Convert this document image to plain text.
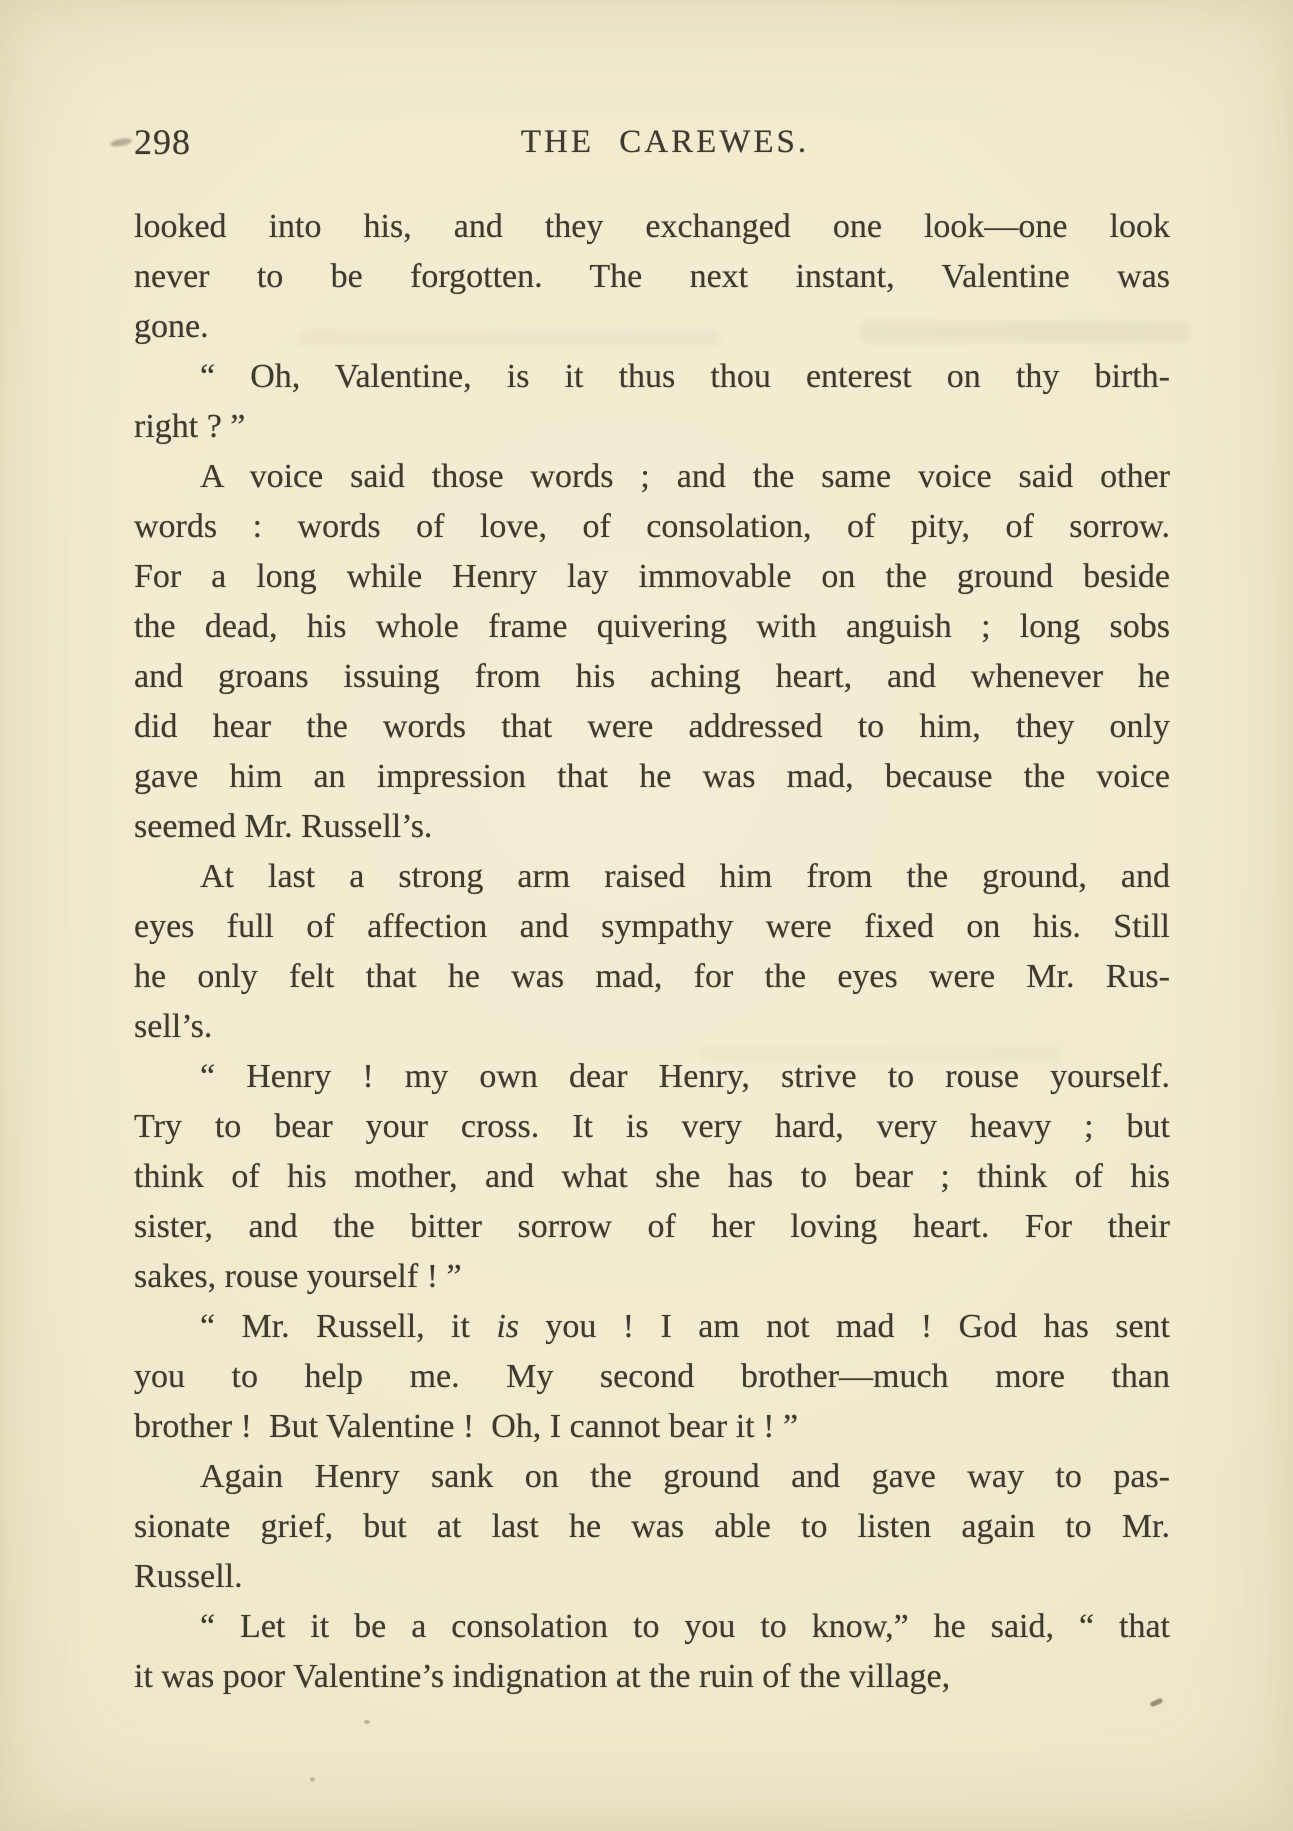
298	THE CAREWES.
looked into his, and they exchanged one look—one look
never to be forgotten. The next instant, Valentine was
gone.
“ Oh, Valentine, is it thus thou enterest on thy birth-
right ? ”
A voice said those words ; and the same voice said other
words : words of love, of consolation, of pity, of sorrow.
For a long while Henry lay immovable on the ground beside
the dead, his whole frame quivering with anguish ; long sobs
and groans issuing from his aching heart, and whenever he
did hear the words that were addressed to him, they only
gave him an impression that he was mad, because the voice
seemed Mr. Russell’s.
At last a strong arm raised him from the ground, and
eyes full of affection and sympathy were fixed on his. Still
he only felt that he was mad, for the eyes were Mr. Rus-
sell’s.
“ Henry ! my own dear Henry, strive to rouse yourself.
Try to bear your cross. It is very hard, very heavy ; but
think of his mother, and what she has to bear ; think of his
sister, and the bitter sorrow of her loving heart. For their
sakes, rouse yourself ! ”
“ Mr. Russell, it is you ! I am not mad ! God has sent
you to help me. My second brother—much more than
brother !  But Valentine !  Oh, I cannot bear it ! ”
Again Henry sank on the ground and gave way to pas-
sionate grief, but at last he was able to listen again to Mr.
Russell.
“ Let it be a consolation to you to know,” he said, “ that
it was poor Valentine’s indignation at the ruin of the village,
